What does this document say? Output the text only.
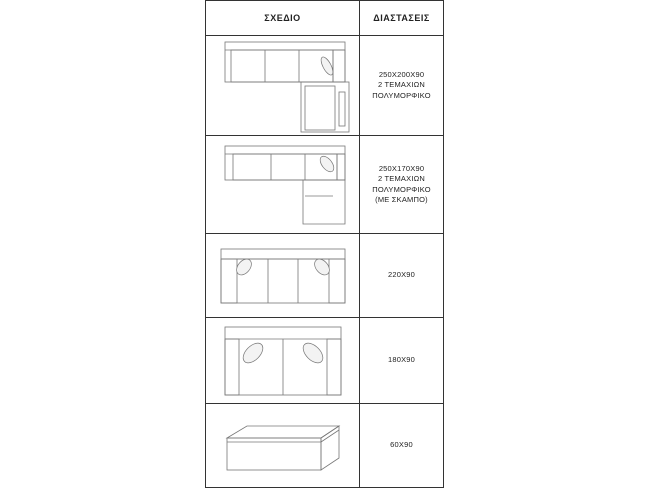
ΣΧΕΔΙΟ	ΔΙΑΣΤΑΣΕΙΣ

250X200X90
2 ΤΕΜΑΧΙΩΝ
ΠΟΛΥΜΟΡΦΙΚΟ

250X170X90
2 ΤΕΜΑΧΙΩΝ
ΠΟΛΥΜΟΡΦΙΚΟ
(ΜΕ ΣΚΑΜΠΟ)

220X90

180X90

60X90
